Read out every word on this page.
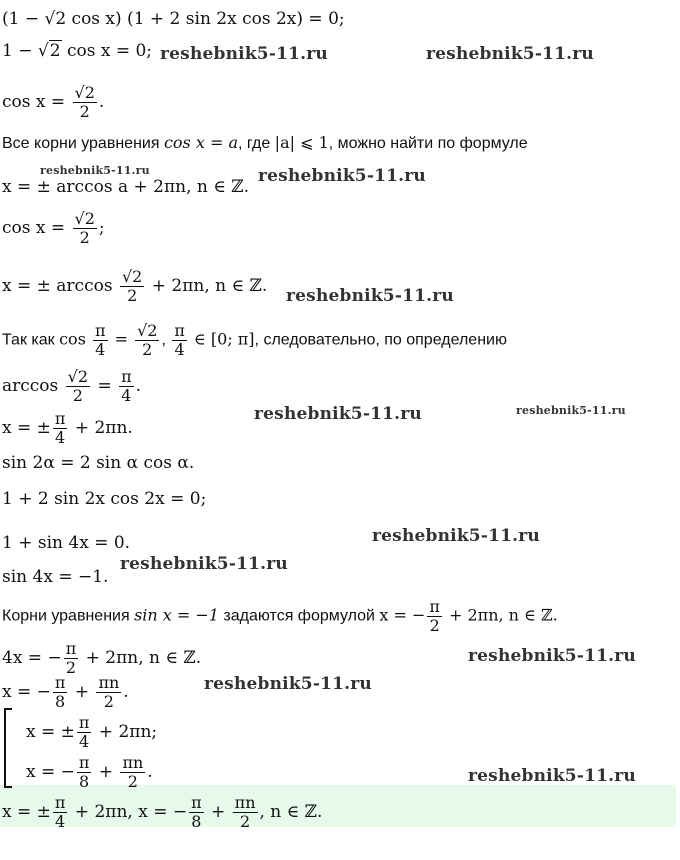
(1 − √2 cos x) (1 + 2 sin 2x cos 2x) = 0;
1 − √2 cos x = 0;
$\cos x = \frac{√2}{2}$ .
Все корни уравнения cos x = a, где |a| ⩽ 1, можно найти по формуле
x = ± arccos a + 2πn, n ∈ ℤ.
$\cos x = \frac{√2}{2}$ ;
x = ± $\arccos \frac{√2}{2} + 2\pi n$, n ∈ ℤ.
Так как $\cos \frac{\pi}{4} = \frac{√2}{2}$ , $\frac{\pi}{4}$ ∈ [0; π], следовательно, по определению
$\arccos \frac{√2}{2} = \frac{\pi}{4}$ .
x = ± $\frac{\pi}{4} + 2\pi n$.
sin 2α = 2 sin α cos α.
1 + 2 sin 2x cos 2x = 0;
1 + sin 4x = 0.
sin 4x = −1.
Корни уравнения sin x = −1 задаются формулой x = − $\frac{\pi}{2} + 2\pi n$, n ∈ ℤ.
4x = − $\frac{\pi}{2} + 2\pi n$, n ∈ ℤ.
x = − $\frac{\pi}{8} + \frac{\pi n}{2}$ .
x = ± $\frac{\pi}{4} + 2\pi n$;
x = − $\frac{\pi}{8} + \frac{\pi n}{2}$ .
x = ± $\frac{\pi}{4} + 2\pi n$, x = − $\frac{\pi}{8} + \frac{\pi n}{2}$ , n ∈ ℤ.
reshebnik5-11.ru	reshebnik5-11.ru
reshebnik5-11.ru	reshebnik5-11.ru
reshebnik5-11.ru
reshebnik5-11.ru	reshebnik5-11.ru
reshebnik5-11.ru
reshebnik5-11.ru
reshebnik5-11.ru
reshebnik5-11.ru
reshebnik5-11.ru
